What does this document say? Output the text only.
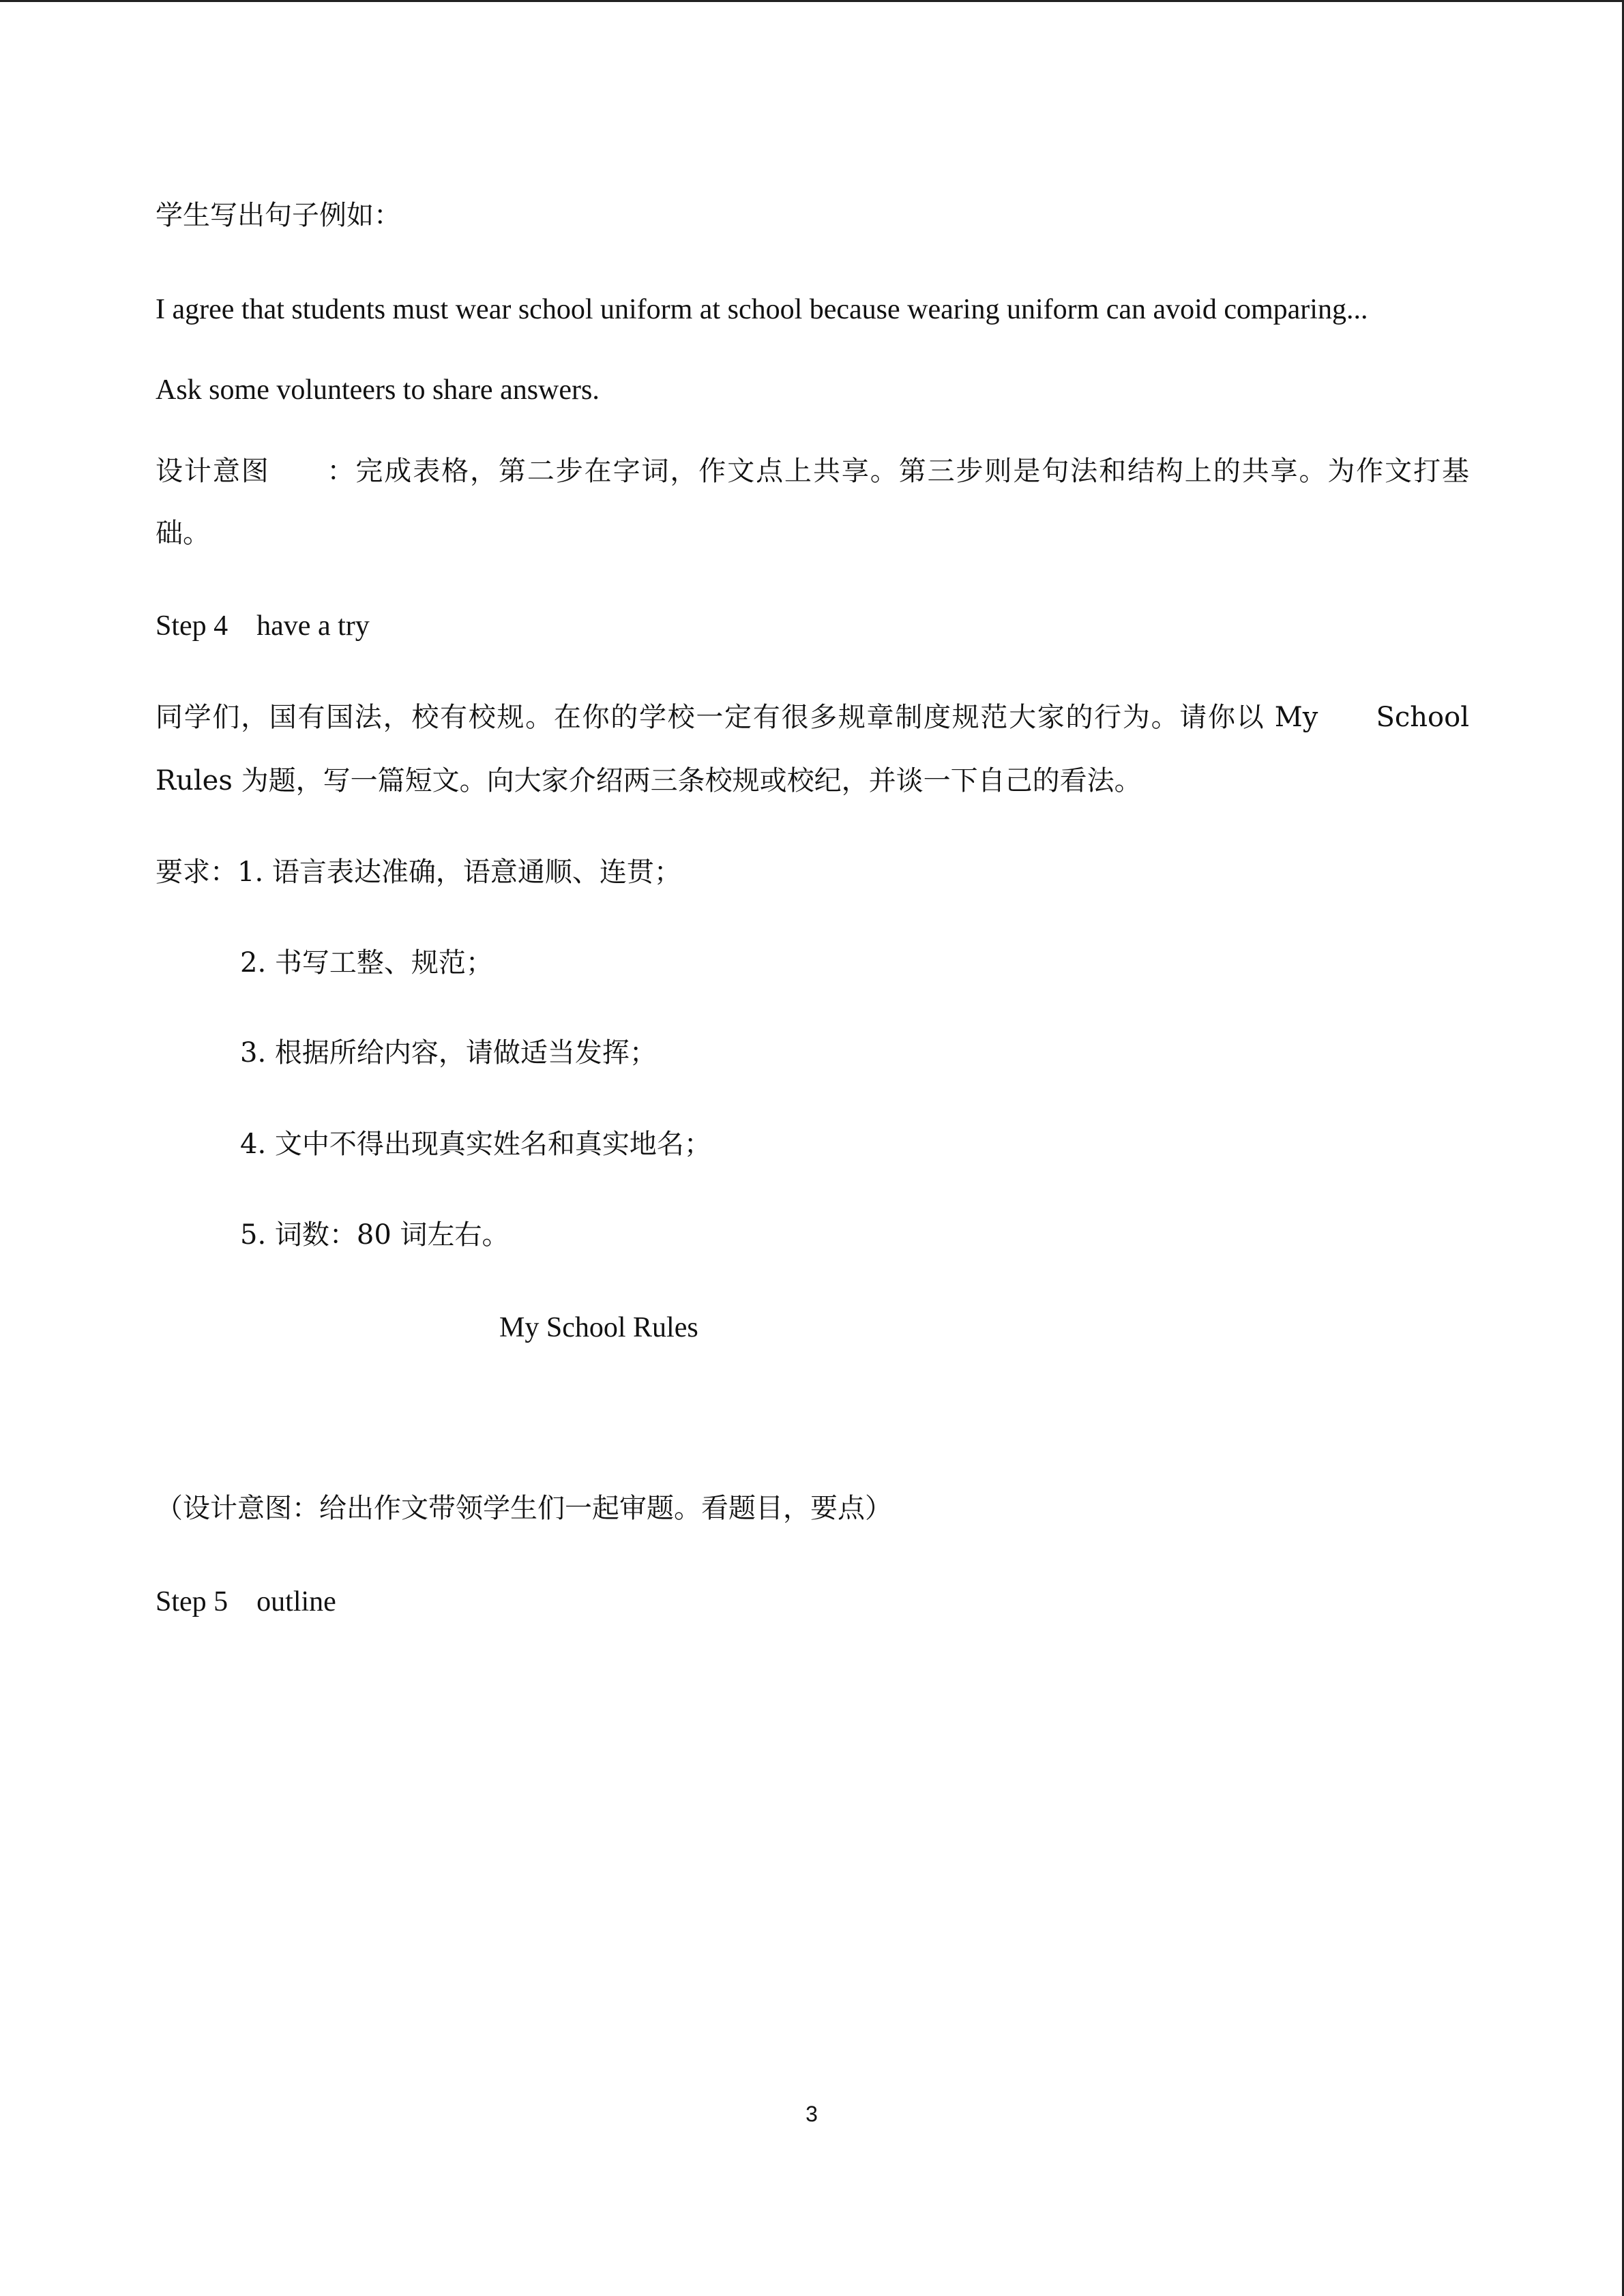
学生写出句子例如：
I agree that students must wear school uniform at school because wearing uniform can avoid comparing...
Ask some volunteers to share answers.
设计意图　　：完成表格，第二步在字词，作文点上共享。第三步则是句法和结构上的共享。为作文打基
础。
Step 4　have a try
同学们，国有国法，校有校规。在你的学校一定有很多规章制度规范大家的行为。请你以 My　　School
Rules 为题，写一篇短文。向大家介绍两三条校规或校纪，并谈一下自己的看法。
要求：1. 语言表达准确，语意通顺、连贯；
2. 书写工整、规范；
3. 根据所给内容，请做适当发挥；
4. 文中不得出现真实姓名和真实地名；
5. 词数：80 词左右。
My School Rules
（设计意图：给出作文带领学生们一起审题。看题目，要点）
Step 5　outline
3
